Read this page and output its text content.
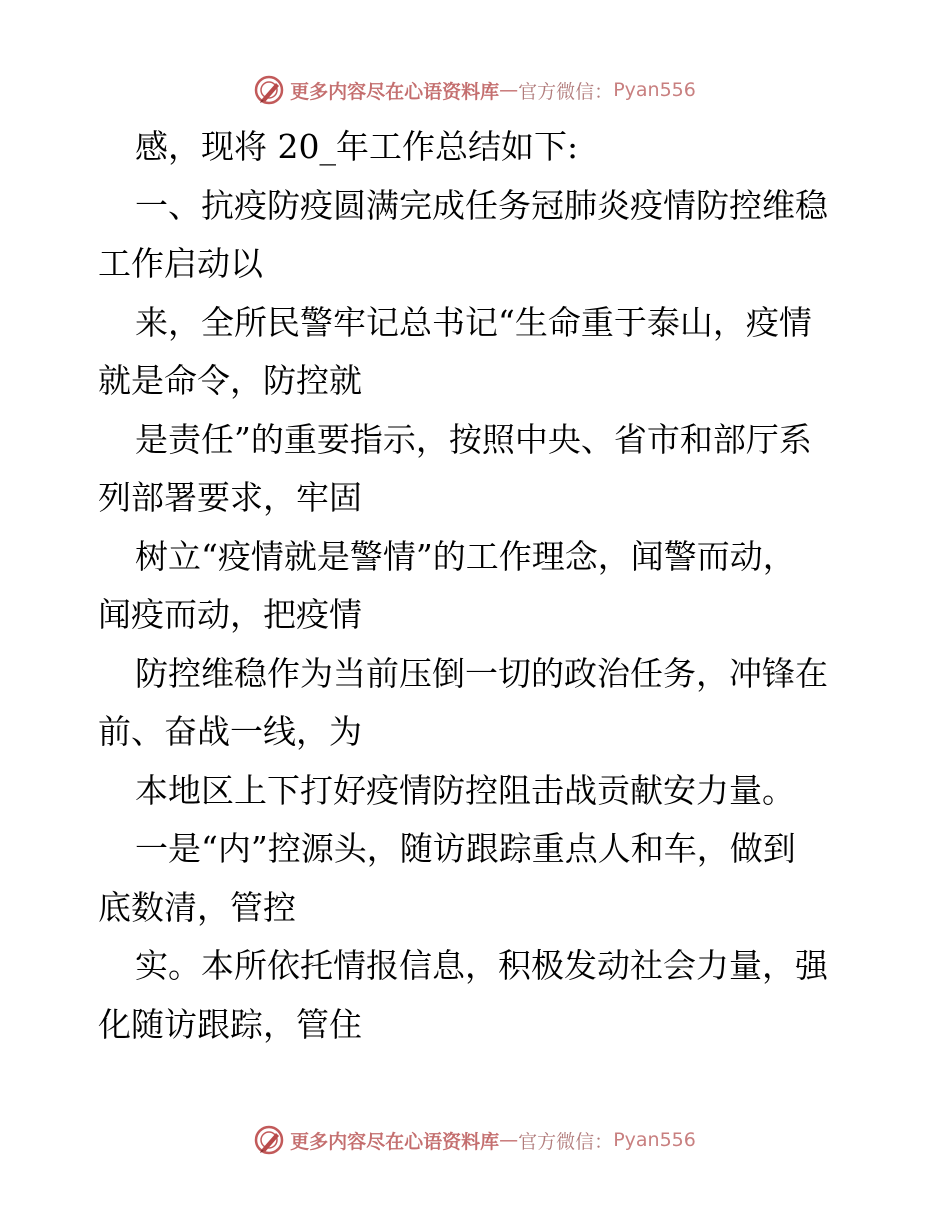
更多内容尽在心语资料库 — 官方微信： Pyan556
感，现将 20_年工作总结如下:
一、抗疫防疫圆满完成任务冠肺炎疫情防控维稳
工作启动以
来，全所民警牢记总书记“生命重于泰山，疫情
就是命令，防控就
是责任”的重要指示，按照中央、省市和部厅系
列部署要求，牢固
树立“疫情就是警情”的工作理念，闻警而动，
闻疫而动，把疫情
防控维稳作为当前压倒一切的政治任务，冲锋在
前、奋战一线，为
本地区上下打好疫情防控阻击战贡献安力量。
一是“内”控源头，随访跟踪重点人和车，做到
底数清，管控
实。本所依托情报信息，积极发动社会力量，强
化随访跟踪，管住
更多内容尽在心语资料库 — 官方微信： Pyan556
